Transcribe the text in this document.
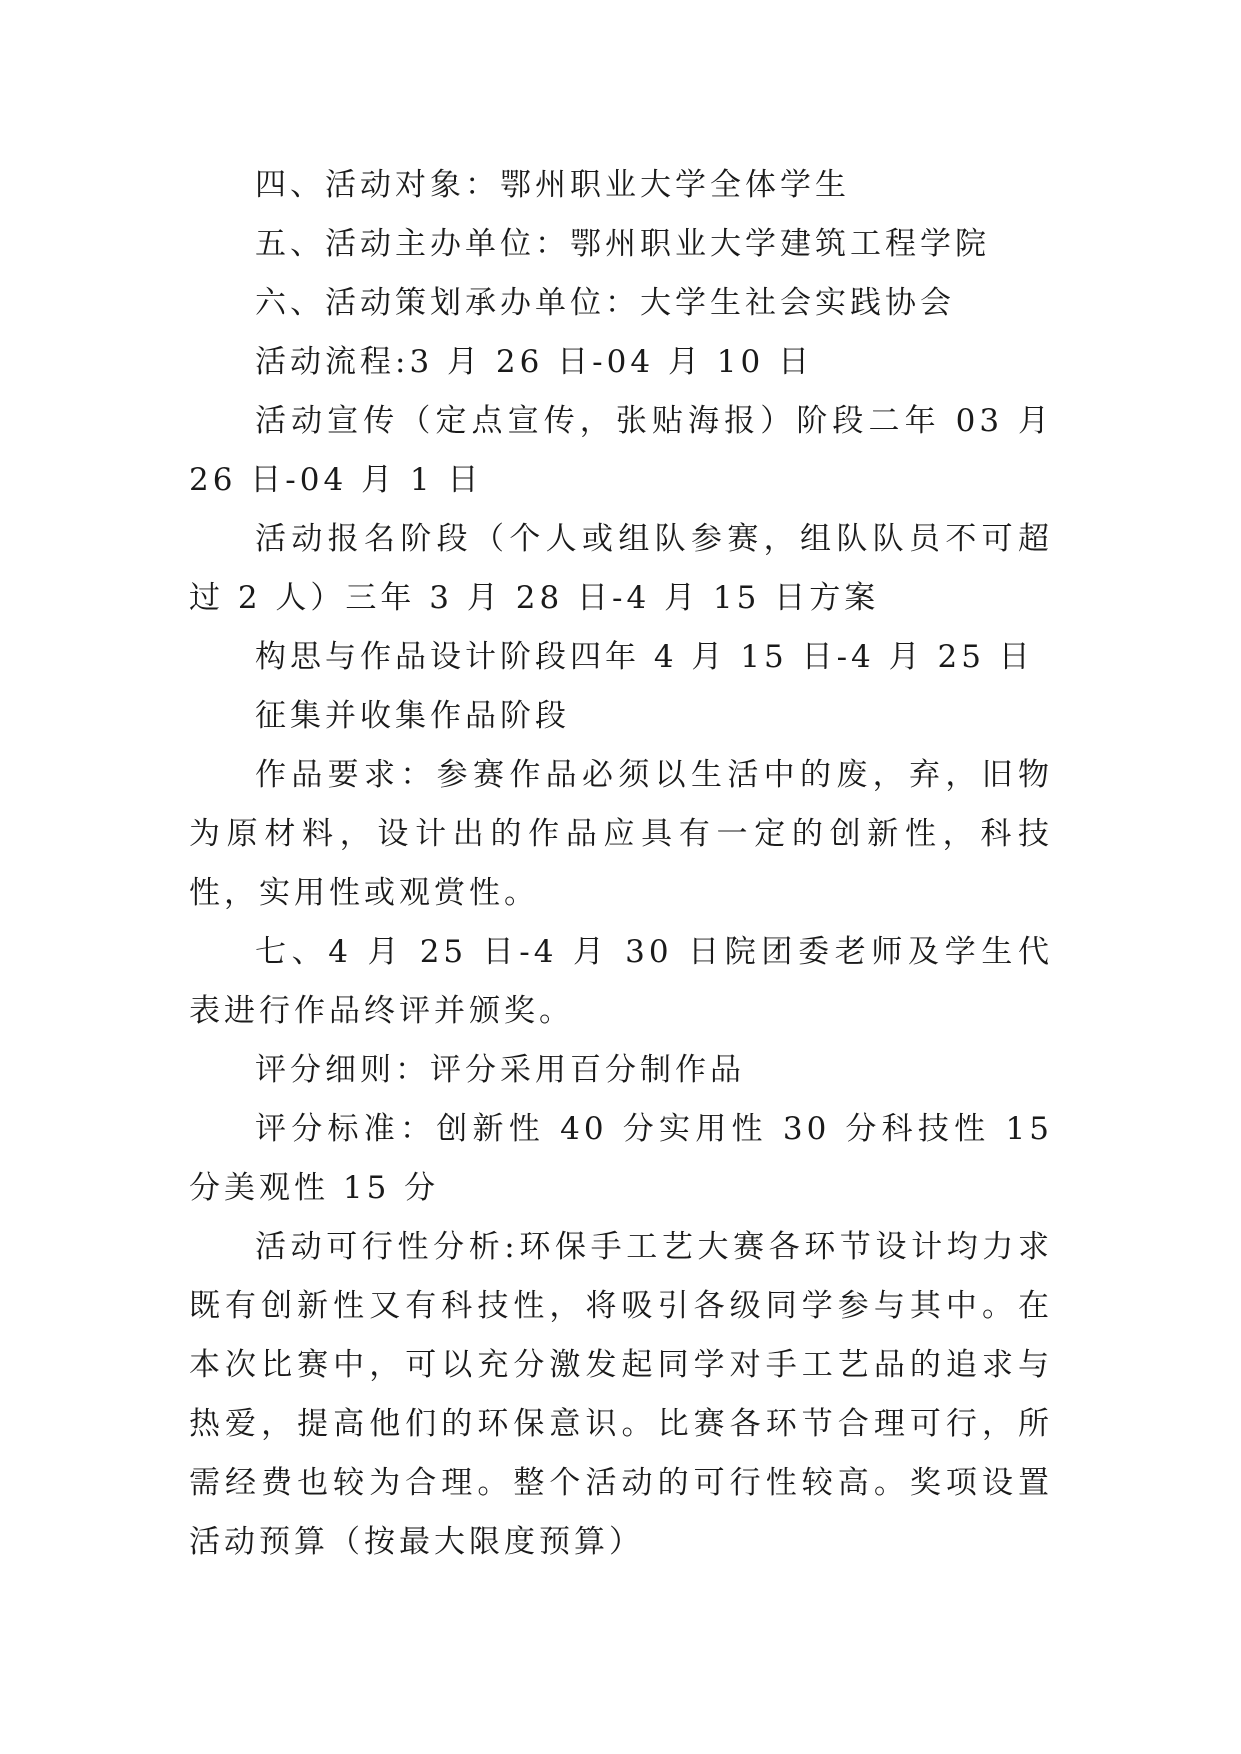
四、活动对象：鄂州职业大学全体学生

五、活动主办单位：鄂州职业大学建筑工程学院

六、活动策划承办单位：大学生社会实践协会

活动流程:3 月 26 日-04 月 10 日

活动宣传（定点宣传，张贴海报）阶段二年 03 月 26 日-04 月 1 日

活动报名阶段（个人或组队参赛，组队队员不可超过 2 人）三年 3 月 28 日-4 月 15 日方案

构思与作品设计阶段四年 4 月 15 日-4 月 25 日

征集并收集作品阶段

作品要求：参赛作品必须以生活中的废，弃，旧物为原材料，设计出的作品应具有一定的创新性，科技性，实用性或观赏性。

七、4 月 25 日-4 月 30 日院团委老师及学生代表进行作品终评并颁奖。

评分细则：评分采用百分制作品

评分标准：创新性 40 分实用性 30 分科技性 15 分美观性 15 分

活动可行性分析:环保手工艺大赛各环节设计均力求既有创新性又有科技性，将吸引各级同学参与其中。在本次比赛中，可以充分激发起同学对手工艺品的追求与热爱，提高他们的环保意识。比赛各环节合理可行，所需经费也较为合理。整个活动的可行性较高。奖项设置活动预算（按最大限度预算）
